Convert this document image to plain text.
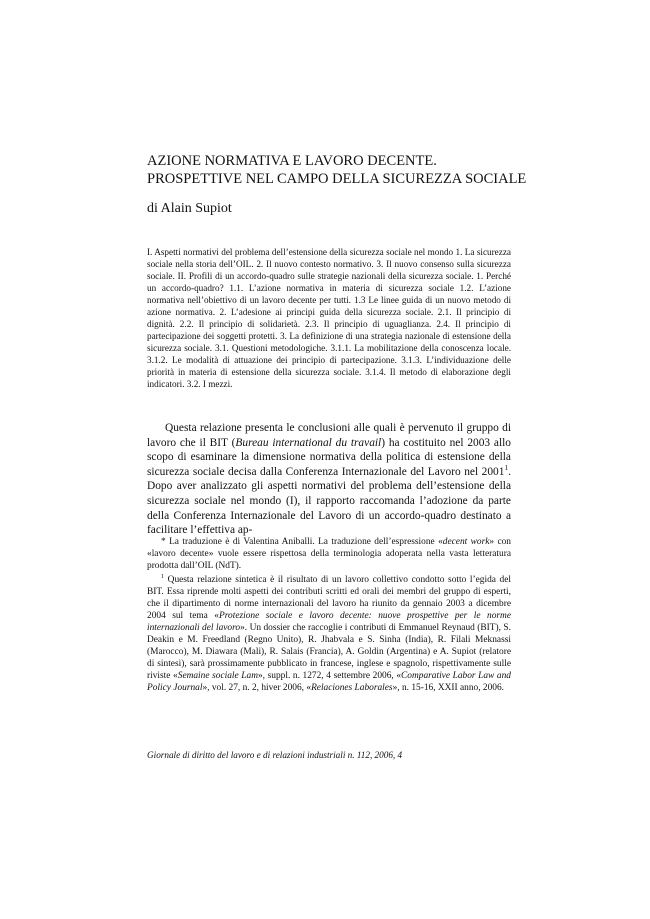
AZIONE NORMATIVA E LAVORO DECENTE.
PROSPETTIVE NEL CAMPO DELLA SICUREZZA SOCIALE
di Alain Supiot
I. Aspetti normativi del problema dell’estensione della sicurezza sociale nel mondo 1. La sicurezza sociale nella storia dell’OIL. 2. Il nuovo contesto normativo. 3. Il nuovo consenso sulla sicurezza sociale. II. Profili di un accordo-quadro sulle strategie nazionali della sicurezza sociale. 1. Perché un accordo-quadro? 1.1. L’azione normativa in materia di sicurezza sociale 1.2. L’azione normativa nell’obiettivo di un lavoro decente per tutti. 1.3 Le linee guida di un nuovo metodo di azione normativa. 2. L’adesione ai principi guida della sicurezza sociale. 2.1. Il principio di dignità. 2.2. Il principio di solidarietà. 2.3. Il principio di uguaglianza. 2.4. Il principio di partecipazione dei soggetti protetti. 3. La definizione di una strategia nazionale di estensione della sicurezza sociale. 3.1. Questioni metodologiche. 3.1.1. La mobilitazione della conoscenza locale. 3.1.2. Le modalità di attuazione dei principio di partecipazione. 3.1.3. L’individuazione delle priorità in materia di estensione della sicurezza sociale. 3.1.4. Il metodo di elaborazione degli indicatori. 3.2. I mezzi.

Questa relazione presenta le conclusioni alle quali è pervenuto il gruppo di lavoro che il BIT (Bureau international du travail) ha costituito nel 2003 allo scopo di esaminare la dimensione normativa della politica di estensione della sicurezza sociale decisa dalla Conferenza Internazionale del Lavoro nel 2001$^1$. Dopo aver analizzato gli aspetti normativi del problema dell’estensione della sicurezza sociale nel mondo (I), il rapporto raccomanda l’adozione da parte della Conferenza Internazionale del Lavoro di un accordo-quadro destinato a facilitare l’effettiva ap-

* La traduzione è di Valentina Aniballi. La traduzione dell’espressione «decent work» con «lavoro decente» vuole essere rispettosa della terminologia adoperata nella vasta letteratura prodotta dall’OIL (NdT).

$^1$ Questa relazione sintetica è il risultato di un lavoro collettivo condotto sotto l’egida del BIT. Essa riprende molti aspetti dei contributi scritti ed orali dei membri del gruppo di esperti, che il dipartimento di norme internazionali del lavoro ha riunito da gennaio 2003 a dicembre 2004 sul tema «Protezione sociale e lavoro decente: nuove prospettive per le norme internazionali del lavoro». Un dossier che raccoglie i contributi di Emmanuel Reynaud (BIT), S. Deakin e M. Freedland (Regno Unito), R. Jhabvala e S. Sinha (India), R. Filali Meknassi (Marocco), M. Diawara (Mali), R. Salais (Francia), A. Goldin (Argentina) e A. Supiot (relatore di sintesi), sarà prossimamente pubblicato in francese, inglese e spagnolo, rispettivamente sulle riviste «Semaine sociale Lam», suppl. n. 1272, 4 settembre 2006, «Comparative Labor Law and Policy Journal», vol. 27, n. 2, hiver 2006, «Relaciones Laborales», n. 15-16, XXII anno, 2006.

Giornale di diritto del lavoro e di relazioni industriali n. 112, 2006, 4
